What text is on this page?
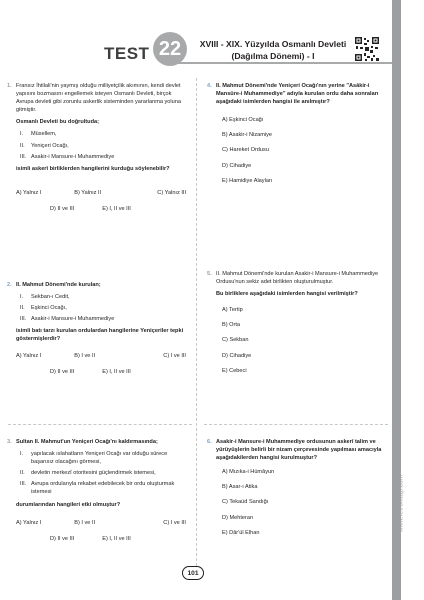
TEST 22	XVIII - XIX. Yüzyılda Osmanlı Devleti
(Dağılma Dönemi) - I
1. Fransız İhtilali'nin yaymış olduğu milliyetçilik akımının, kendi devlet yapısını bozmasını engellemek isteyen Osmanlı Devleti, birçok Avrupa devleti gibi zorunlu askerlik sisteminden yararlanma yoluna gitmiştir.

Osmanlı Devleti bu doğrultuda;

I.	Müsellem,
II.	Yeniçeri Ocağı,
III. Asakir-i Mansure-i Muhammediye

isimli askerî birliklerden hangilerini kurduğu söylenebilir?

A) Yalnız I	B) Yalnız II	C) Yalnız III
D) II ve III	E) I, II ve III
2. II. Mahmut Dönemi'nde kurulan;

I.	Sekban-ı Cedit,
II.	Eşkinci Ocağı,
III. Asakir-i Mansure-i Muhammediye

isimli batı tarzı kurulan ordulardan hangilerine Yeniçeriler tepki göstermişlerdir?

A) Yalnız I	B) I ve II	C) I ve III
D) II ve III	E) I, II ve III
3. Sultan II. Mahmut'un Yeniçeri Ocağı'nı kaldırmasında;

I.	yapılacak ıslahatların Yeniçeri Ocağı var olduğu sürece başarısız olacağını görmesi,
II.	devletin merkezî otoritesini güçlendirmek istemesi,
III. Avrupa ordularıyla rekabet edebilecek bir ordu oluşturmak istemesi

durumlarından hangileri etki olmuştur?

A) Yalnız I	B) I ve II	C) I ve III
D) II ve III	E) I, II ve III
4. II. Mahmut Dönemi'nde Yeniçeri Ocağı'nın yerine "Asâkir-i Mansûre-i Muhammediye" adıyla kurulan ordu daha sonraları aşağıdaki isimlerden hangisi ile anılmıştır?

A) Eşkinci Ocağı
B) Asakir-i Nizamiye
C) Hareket Ordusu
D) Cihadiye
E) Hamidiye Alayları
5. II. Mahmut Dönemi'nde kurulan Asakir-i Mansure-i Muhammediye Ordusu'nun sekiz adet birlikten oluşturulmuştur.

Bu birliklere aşağıdaki isimlerden hangisi verilmiştir?

A) Tertip
B) Orta
C) Sekban
D) Cihadiye
E) Cebeci
6. Asakir-i Mansure-i Muhammediye ordusunun askerî talim ve yürüyüşlerin belirli bir nizam çerçevesinde yapılması amacıyla aşağıdakilerden hangisi kurulmuştur?

A) Mızıka-i Hümâyun
B) Asar-ı Atika
C) Tekaüd Sandığı
D) Mehteran
E) Dâr'ül Elhan
www.retrokitap.com
101
